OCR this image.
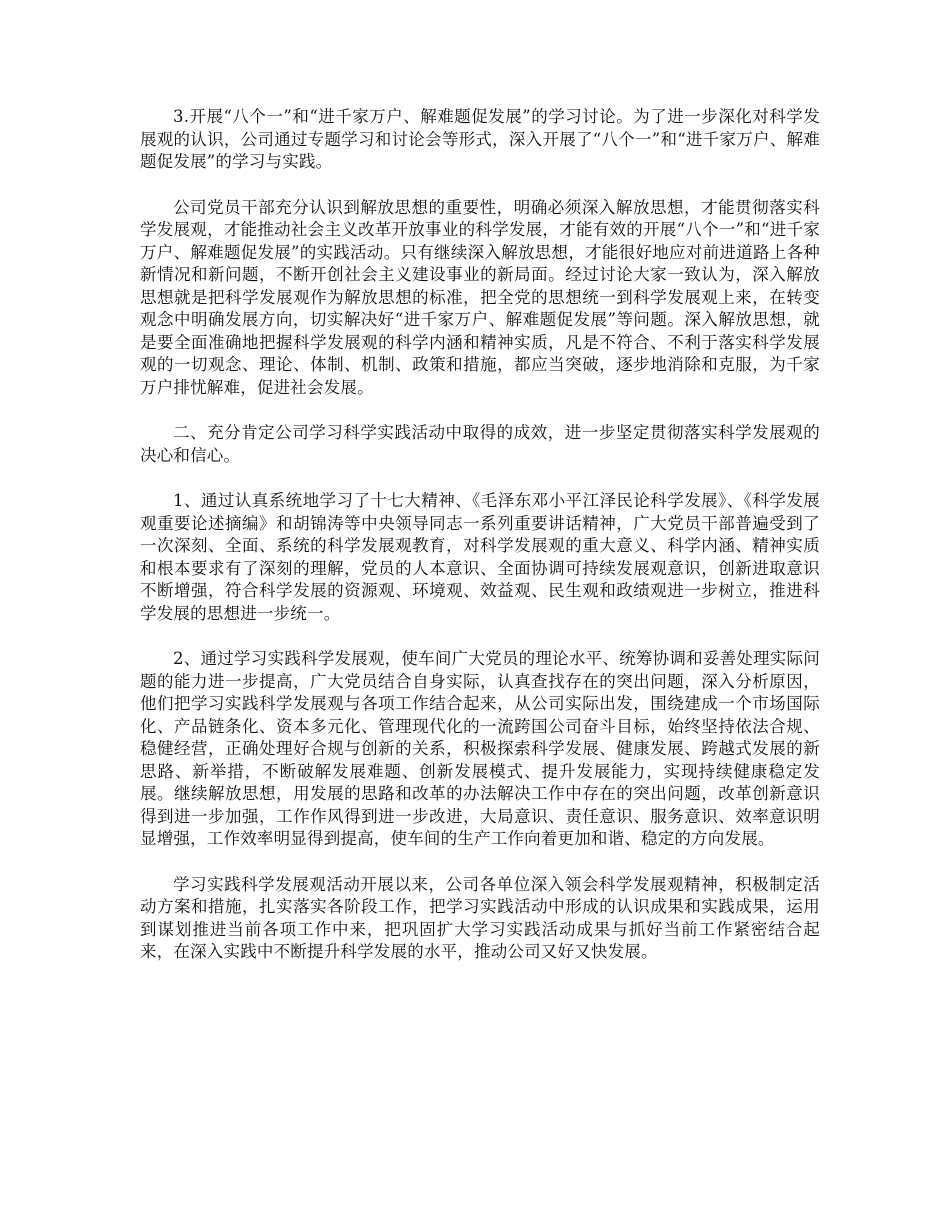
3.开展“八个一”和“进千家万户、解难题促发展”的学习讨论。为了进一步深化对科学发展观的认识，公司通过专题学习和讨论会等形式，深入开展了“八个一”和“进千家万户、解难题促发展”的学习与实践。

公司党员干部充分认识到解放思想的重要性，明确必须深入解放思想，才能贯彻落实科学发展观，才能推动社会主义改革开放事业的科学发展，才能有效的开展“八个一”和“进千家万户、解难题促发展”的实践活动。只有继续深入解放思想，才能很好地应对前进道路上各种新情况和新问题，不断开创社会主义建设事业的新局面。经过讨论大家一致认为，深入解放思想就是把科学发展观作为解放思想的标准，把全党的思想统一到科学发展观上来，在转变观念中明确发展方向，切实解决好“进千家万户、解难题促发展”等问题。深入解放思想，就是要全面准确地把握科学发展观的科学内涵和精神实质，凡是不符合、不利于落实科学发展观的一切观念、理论、体制、机制、政策和措施，都应当突破，逐步地消除和克服，为千家万户排忧解难，促进社会发展。

二、充分肯定公司学习科学实践活动中取得的成效，进一步坚定贯彻落实科学发展观的决心和信心。

1、通过认真系统地学习了十七大精神、《毛泽东邓小平江泽民论科学发展》、《科学发展观重要论述摘编》和胡锦涛等中央领导同志一系列重要讲话精神，广大党员干部普遍受到了一次深刻、全面、系统的科学发展观教育，对科学发展观的重大意义、科学内涵、精神实质和根本要求有了深刻的理解，党员的人本意识、全面协调可持续发展观意识，创新进取意识不断增强，符合科学发展的资源观、环境观、效益观、民生观和政绩观进一步树立，推进科学发展的思想进一步统一。

2、通过学习实践科学发展观，使车间广大党员的理论水平、统筹协调和妥善处理实际问题的能力进一步提高，广大党员结合自身实际，认真查找存在的突出问题，深入分析原因，他们把学习实践科学发展观与各项工作结合起来，从公司实际出发，围绕建成一个市场国际化、产品链条化、资本多元化、管理现代化的一流跨国公司奋斗目标，始终坚持依法合规、稳健经营，正确处理好合规与创新的关系，积极探索科学发展、健康发展、跨越式发展的新思路、新举措，不断破解发展难题、创新发展模式、提升发展能力，实现持续健康稳定发展。继续解放思想，用发展的思路和改革的办法解决工作中存在的突出问题，改革创新意识得到进一步加强，工作作风得到进一步改进，大局意识、责任意识、服务意识、效率意识明显增强，工作效率明显得到提高，使车间的生产工作向着更加和谐、稳定的方向发展。

学习实践科学发展观活动开展以来，公司各单位深入领会科学发展观精神，积极制定活动方案和措施，扎实落实各阶段工作，把学习实践活动中形成的认识成果和实践成果，运用到谋划推进当前各项工作中来，把巩固扩大学习实践活动成果与抓好当前工作紧密结合起来，在深入实践中不断提升科学发展的水平，推动公司又好又快发展。
